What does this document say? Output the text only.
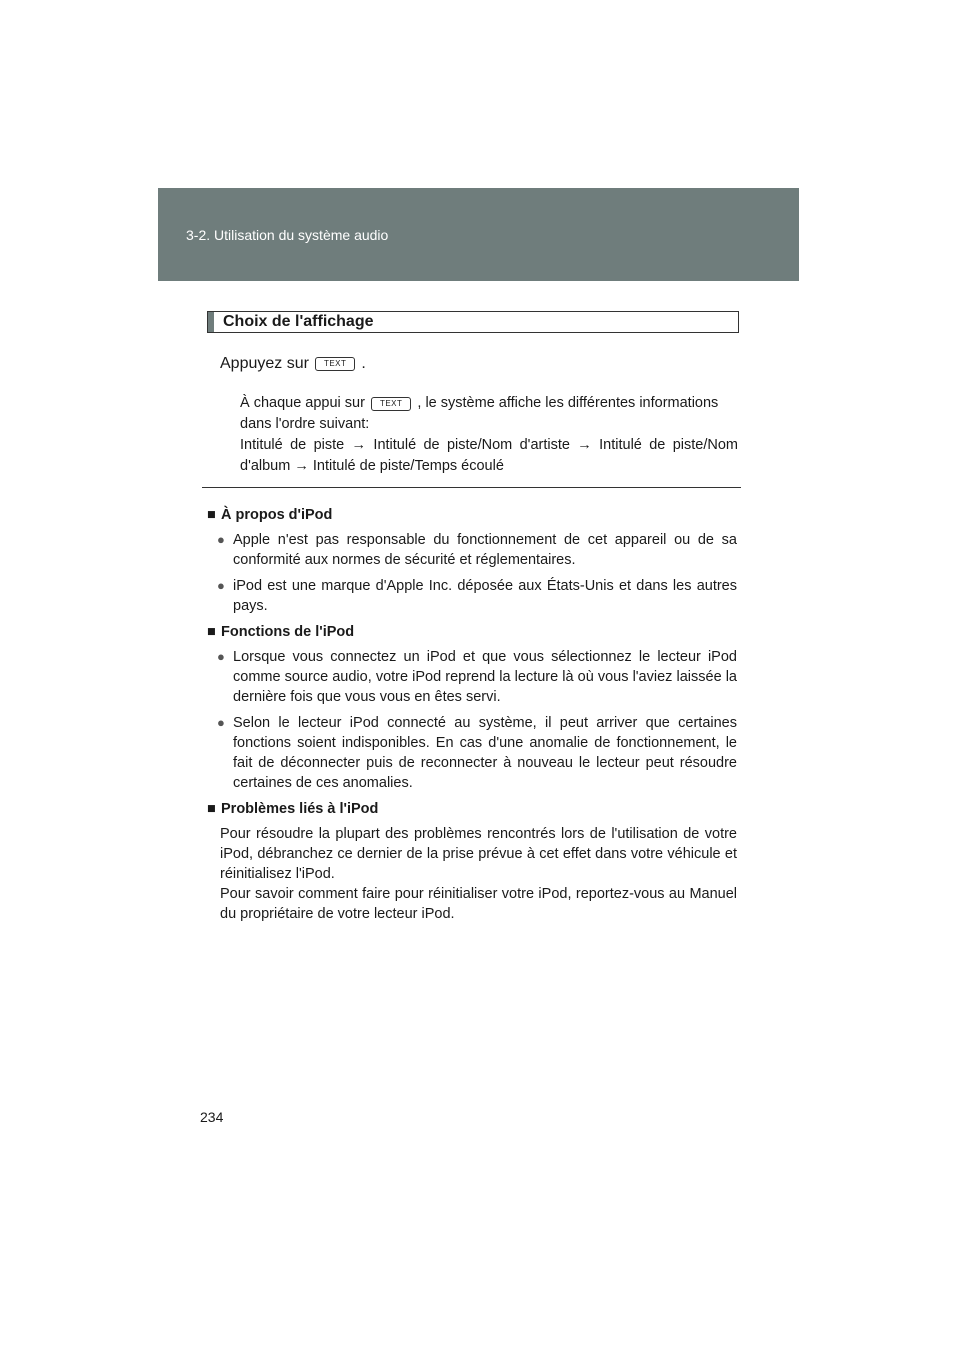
3-2. Utilisation du système audio
Choix de l'affichage
Appuyez sur	TEXT .
À chaque appui sur	TEXT	, le système affiche les différentes informations
dans l'ordre suivant:
Intitulé de piste → Intitulé de piste/Nom d'artiste → Intitulé de piste/Nom
d'album → Intitulé de piste/Temps écoulé
■ À propos d'iPod
● Apple n'est pas responsable du fonctionnement de cet appareil ou de sa conformité aux normes de sécurité et réglementaires.
● iPod est une marque d'Apple Inc. déposée aux États-Unis et dans les autres pays.
■ Fonctions de l'iPod
● Lorsque vous connectez un iPod et que vous sélectionnez le lecteur iPod comme source audio, votre iPod reprend la lecture là où vous l'aviez laissée la dernière fois que vous vous en êtes servi.
● Selon le lecteur iPod connecté au système, il peut arriver que certaines fonctions soient indisponibles. En cas d'une anomalie de fonctionnement, le fait de déconnecter puis de reconnecter à nouveau le lecteur peut résoudre certaines de ces anomalies.
■ Problèmes liés à l'iPod
Pour résoudre la plupart des problèmes rencontrés lors de l'utilisation de votre iPod, débranchez ce dernier de la prise prévue à cet effet dans votre véhicule et réinitialisez l'iPod.
Pour savoir comment faire pour réinitialiser votre iPod, reportez-vous au Manuel du propriétaire de votre lecteur iPod.
234
